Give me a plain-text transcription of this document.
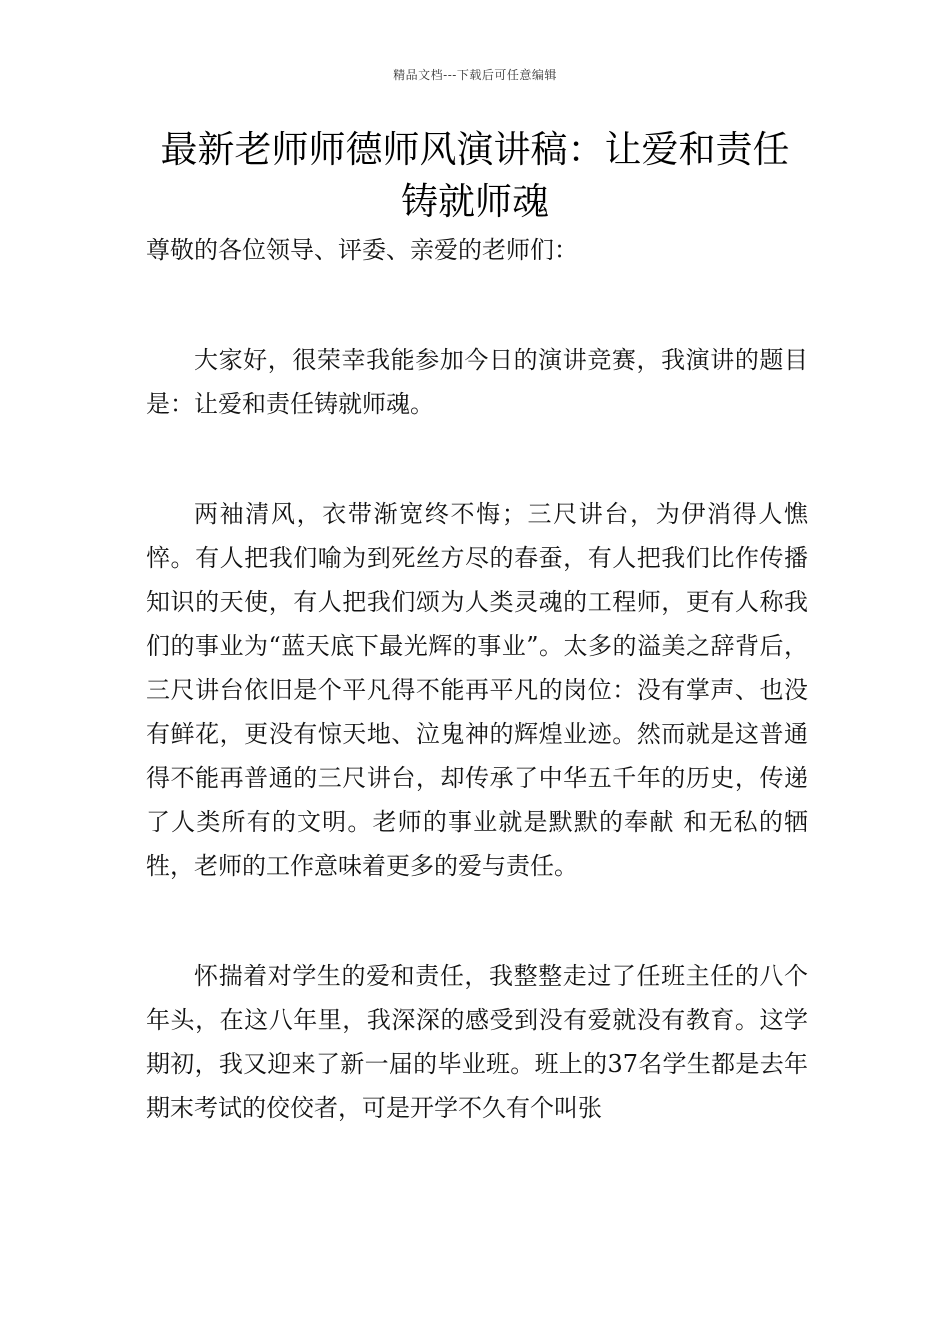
精品文档---下载后可任意编辑
最新老师师德师风演讲稿：让爱和责任
铸就师魂

尊敬的各位领导、评委、亲爱的老师们：

大家好，很荣幸我能参加今日的演讲竞赛，我演讲的题目是：让爱和责任铸就师魂。

两袖清风，衣带渐宽终不悔；三尺讲台，为伊消得人憔悴。有人把我们喻为到死丝方尽的春蚕，有人把我们比作传播知识的天使，有人把我们颂为人类灵魂的工程师，更有人称我们的事业为“蓝天底下最光辉的事业”。太多的溢美之辞背后，三尺讲台依旧是个平凡得不能再平凡的岗位：没有掌声、也没有鲜花，更没有惊天地、泣鬼神的辉煌业迹。然而就是这普通得不能再普通的三尺讲台，却传承了中华五千年的历史，传递了人类所有的文明。老师的事业就是默默的奉献 和无私的牺牲，老师的工作意味着更多的爱与责任。

怀揣着对学生的爱和责任，我整整走过了任班主任的八个年头，在这八年里，我深深的感受到没有爱就没有教育。这学期初，我又迎来了新一届的毕业班。班上的37名学生都是去年期末考试的佼佼者，可是开学不久有个叫张
